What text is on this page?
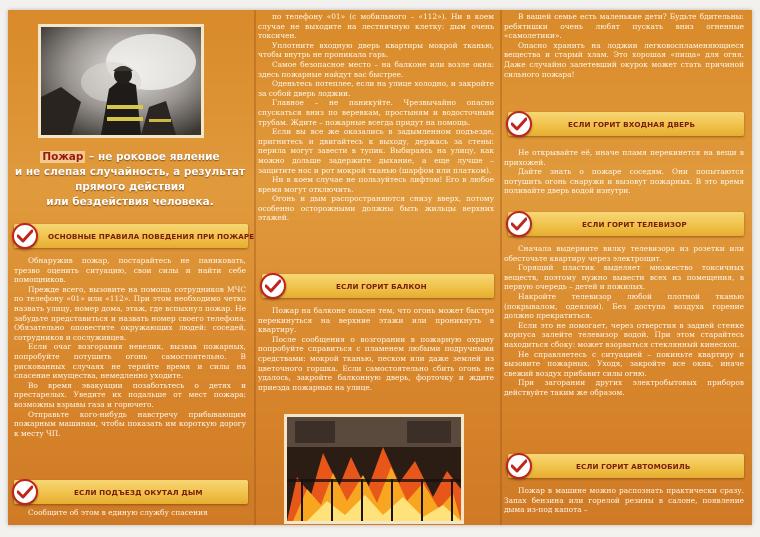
Пожар – не роковое явление
и не слепая случайность, а результат
прямого действия
или бездействия человека.
ОСНОВНЫЕ ПРАВИЛА ПОВЕДЕНИЯ ПРИ ПОЖАРЕ

Обнаружив пожар, постарайтесь не паниковать, трезво оценить ситуацию, свои силы и найти себе помощников.

Прежде всего, вызовите на помощь сотрудников МЧС по телефону «01» или «112». При этом необходимо четко назвать улицу, номер дома, этаж, где вспыхнул пожар. Не забудьте представиться и назвать номер своего телефона. Обязательно оповестите окружающих людей: соседей, сотрудников и сослуживцев.

Если очаг возгорания невелик, вызвав пожарных, попробуйте потушить огонь самостоятельно. В рискованных случаях не теряйте время и силы на спасение имущества, немедленно уходите.

Во время эвакуации позаботьтесь о детях и престарелых. Уведите их подальше от мест пожара: возможны взрывы газа и горючего.

Отправьте кого-нибудь навстречу прибывающим пожарным машинам, чтобы показать им короткую дорогу к месту ЧП.

ЕСЛИ ПОДЪЕЗД ОКУТАЛ ДЫМ

Сообщите об этом в единую службу спасения

по телефону «01» (с мобильного – «112»). Ни в коем случае не выходите на лестничную клетку: дым очень токсичен.

Уплотните входную дверь квартиры мокрой тканью, чтобы внутрь не проникала гарь.

Самое безопасное место – на балконе или возле окна: здесь пожарные найдут вас быстрее.

Оденьтесь потеплее, если на улице холодно, и закройте за собой дверь лоджии.

Главное – не паникуйте. Чрезвычайно опасно спускаться вниз по веревкам, простыням и водосточным трубам. Ждите – пожарные всегда придут на помощь.

Если вы все же оказались в задымленном подъезде, пригнитесь и двигайтесь к выходу, держась за стены: перила могут завести в тупик. Выбираясь на улицу, как можно дольше задержите дыхание, а еще лучше – защитите нос и рот мокрой тканью (шарфом или платком).

Ни в коем случае не пользуйтесь лифтом! Его в любое время могут отключить.

Огонь и дым распространяются снизу вверх, потому особенно осторожными должны быть жильцы верхних этажей.

ЕСЛИ ГОРИТ БАЛКОН

Пожар на балконе опасен тем, что огонь может быстро перекинуться на верхние этажи или проникнуть в квартиру.

После сообщения о возгорании в пожарную охрану попробуйте справиться с пламенем любыми подручными средствами: мокрой тканью, песком или даже землей из цветочного горшка. Если самостоятельно сбить огонь не удалось, закройте балконную дверь, форточку и ждите приезда пожарных на улице.

В вашей семье есть маленькие дети? Будьте бдительны: ребятишки очень любят пускать вниз огненные «самолетики».

Опасно хранить на лоджии легковоспламеняющиеся вещества и старый хлам. Это хорошая «пища» для огня. Даже случайно залетевший окурок может стать причиной сильного пожара!

ЕСЛИ ГОРИТ ВХОДНАЯ ДВЕРЬ

Не открывайте её, иначе пламя перекинется на вещи в прихожей.

Дайте знать о пожаре соседям. Они попытаются потушить огонь снаружи и вызовут пожарных. В это время поливайте дверь водой изнутри.

ЕСЛИ ГОРИТ ТЕЛЕВИЗОР

Сначала выдерните вилку телевизора из розетки или обесточьте квартиру через электрощит.

Горящий пластик выделяет множество токсичных веществ, поэтому нужно вывести всех из помещения, в первую очередь – детей и пожилых.

Накройте телевизор любой плотной тканью (покрывалом, одеялом). Без доступа воздуха горение должно прекратиться.

Если это не помогает, через отверстия в задней стенке корпуса залейте телевизор водой. При этом старайтесь находиться сбоку: может взорваться стеклянный кинескоп.

Не справляетесь с ситуацией – покиньте квартиру и вызовите пожарных. Уходя, закройте все окна, иначе свежий воздух прибавит силы огню.

При загорании других электробытовых приборов действуйте таким же образом.

ЕСЛИ ГОРИТ АВТОМОБИЛЬ

Пожар в машине можно распознать практически сразу. Запах бензина или горелой резины в салоне, появление дыма из-под капота –
